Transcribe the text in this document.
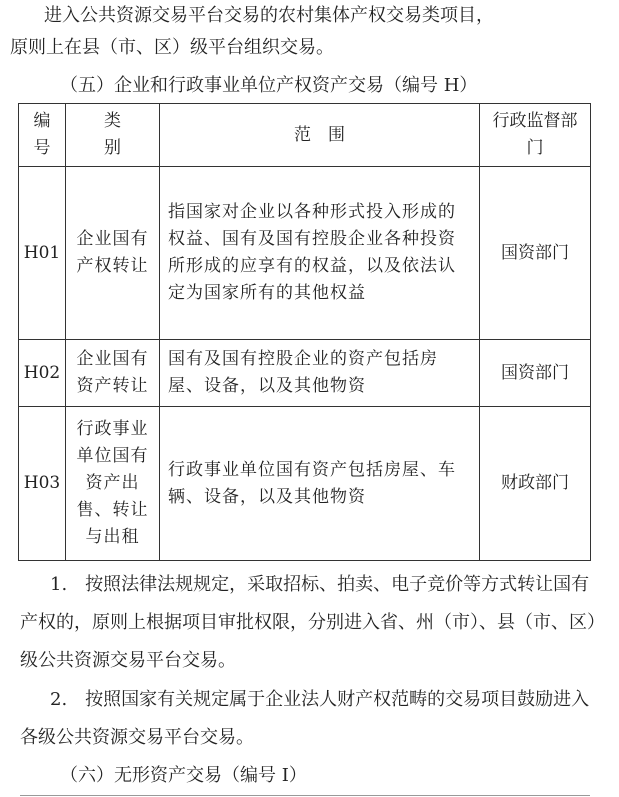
进入公共资源交易平台交易的农村集体产权交易类项目，
原则上在县（市、区）级平台组织交易。
（五）企业和行政事业单位产权资产交易（编号 H）
编号	类别	范　围	行政监督部门
H01	企业国有产权转让	指国家对企业以各种形式投入形成的权益、国有及国有控股企业各种投资所形成的应享有的权益，以及依法认定为国家所有的其他权益	国资部门
H02	企业国有资产转让	国有及国有控股企业的资产包括房屋、设备，以及其他物资	国资部门
H03	行政事业单位国有资产出售、转让与出租	行政事业单位国有资产包括房屋、车辆、设备，以及其他物资	财政部门
1.　按照法律法规规定，采取招标、拍卖、电子竞价等方式转让国有产权的，原则上根据项目审批权限，分别进入省、州（市）、县（市、区）级公共资源交易平台交易。
2.　按照国家有关规定属于企业法人财产权范畴的交易项目鼓励进入各级公共资源交易平台交易。
（六）无形资产交易（编号 I）
